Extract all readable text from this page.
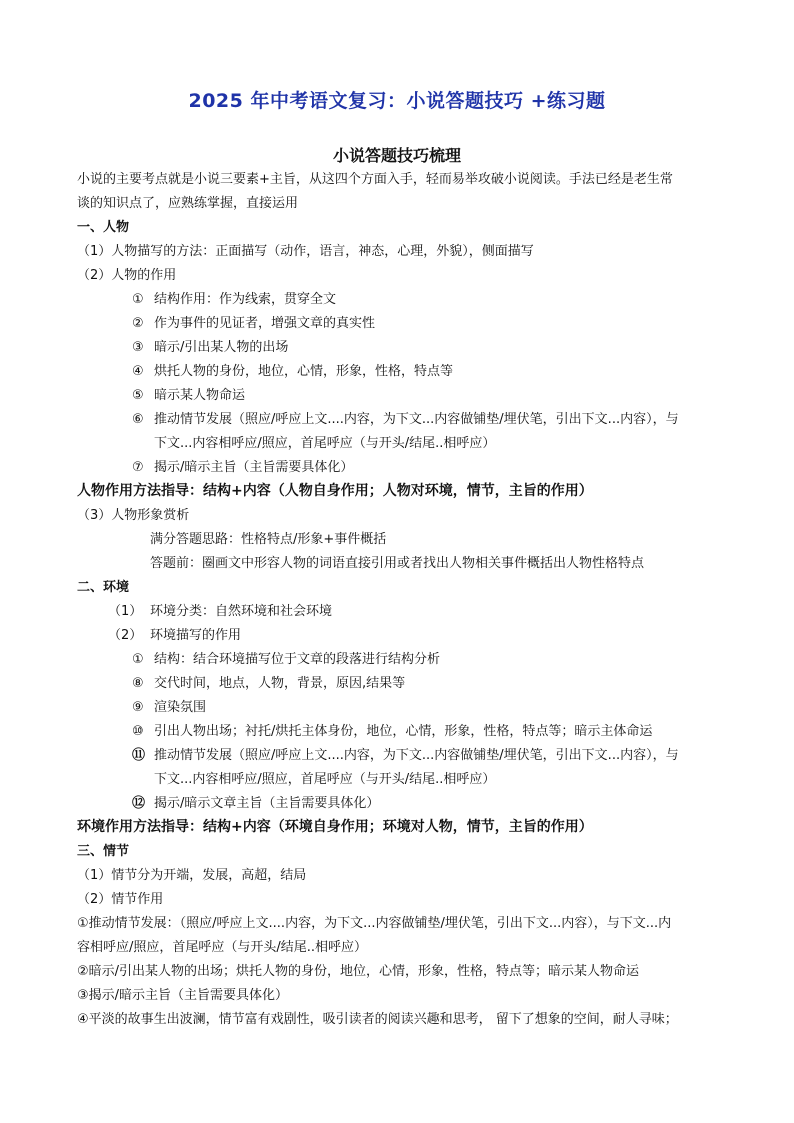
2025 年中考语文复习：小说答题技巧 +练习题
小说答题技巧梳理
小说的主要考点就是小说三要素+主旨，从这四个方面入手，轻而易举攻破小说阅读。手法已经是老生常
谈的知识点了，应熟练掌握，直接运用
一、人物
（1）人物描写的方法：正面描写（动作，语言，神态，心理，外貌），侧面描写
（2）人物的作用
① 结构作用：作为线索，贯穿全文
② 作为事件的见证者，增强文章的真实性
③ 暗示/引出某人物的出场
④ 烘托人物的身份，地位，心情，形象，性格，特点等
⑤ 暗示某人物命运
⑥ 推动情节发展（照应/呼应上文....内容，为下文...内容做铺垫/埋伏笔，引出下文...内容），与
下文...内容相呼应/照应，首尾呼应（与开头/结尾..相呼应）
⑦ 揭示/暗示主旨（主旨需要具体化）
人物作用方法指导：结构+内容（人物自身作用；人物对环境，情节，主旨的作用）
（3）人物形象赏析
满分答题思路：性格特点/形象+事件概括
答题前：圈画文中形容人物的词语直接引用或者找出人物相关事件概括出人物性格特点
二、环境
（1） 环境分类：自然环境和社会环境
（2） 环境描写的作用
① 结构：结合环境描写位于文章的段落进行结构分析
⑧ 交代时间，地点，人物，背景，原因,结果等
⑨ 渲染氛围
⑩ 引出人物出场；衬托/烘托主体身份，地位，心情，形象，性格，特点等；暗示主体命运
⑪ 推动情节发展（照应/呼应上文....内容，为下文...内容做铺垫/埋伏笔，引出下文...内容），与
下文...内容相呼应/照应，首尾呼应（与开头/结尾..相呼应）
⑫ 揭示/暗示文章主旨（主旨需要具体化）
环境作用方法指导：结构+内容（环境自身作用；环境对人物，情节，主旨的作用）
三、情节
（1）情节分为开端，发展，高超，结局
（2）情节作用
①推动情节发展：（照应/呼应上文....内容，为下文...内容做铺垫/埋伏笔，引出下文...内容），与下文...内
容相呼应/照应，首尾呼应（与开头/结尾..相呼应）
②暗示/引出某人物的出场；烘托人物的身份，地位，心情，形象，性格，特点等；暗示某人物命运
③揭示/暗示主旨（主旨需要具体化）
④平淡的故事生出波澜，情节富有戏剧性，吸引读者的阅读兴趣和思考， 留下了想象的空间，耐人寻味；
